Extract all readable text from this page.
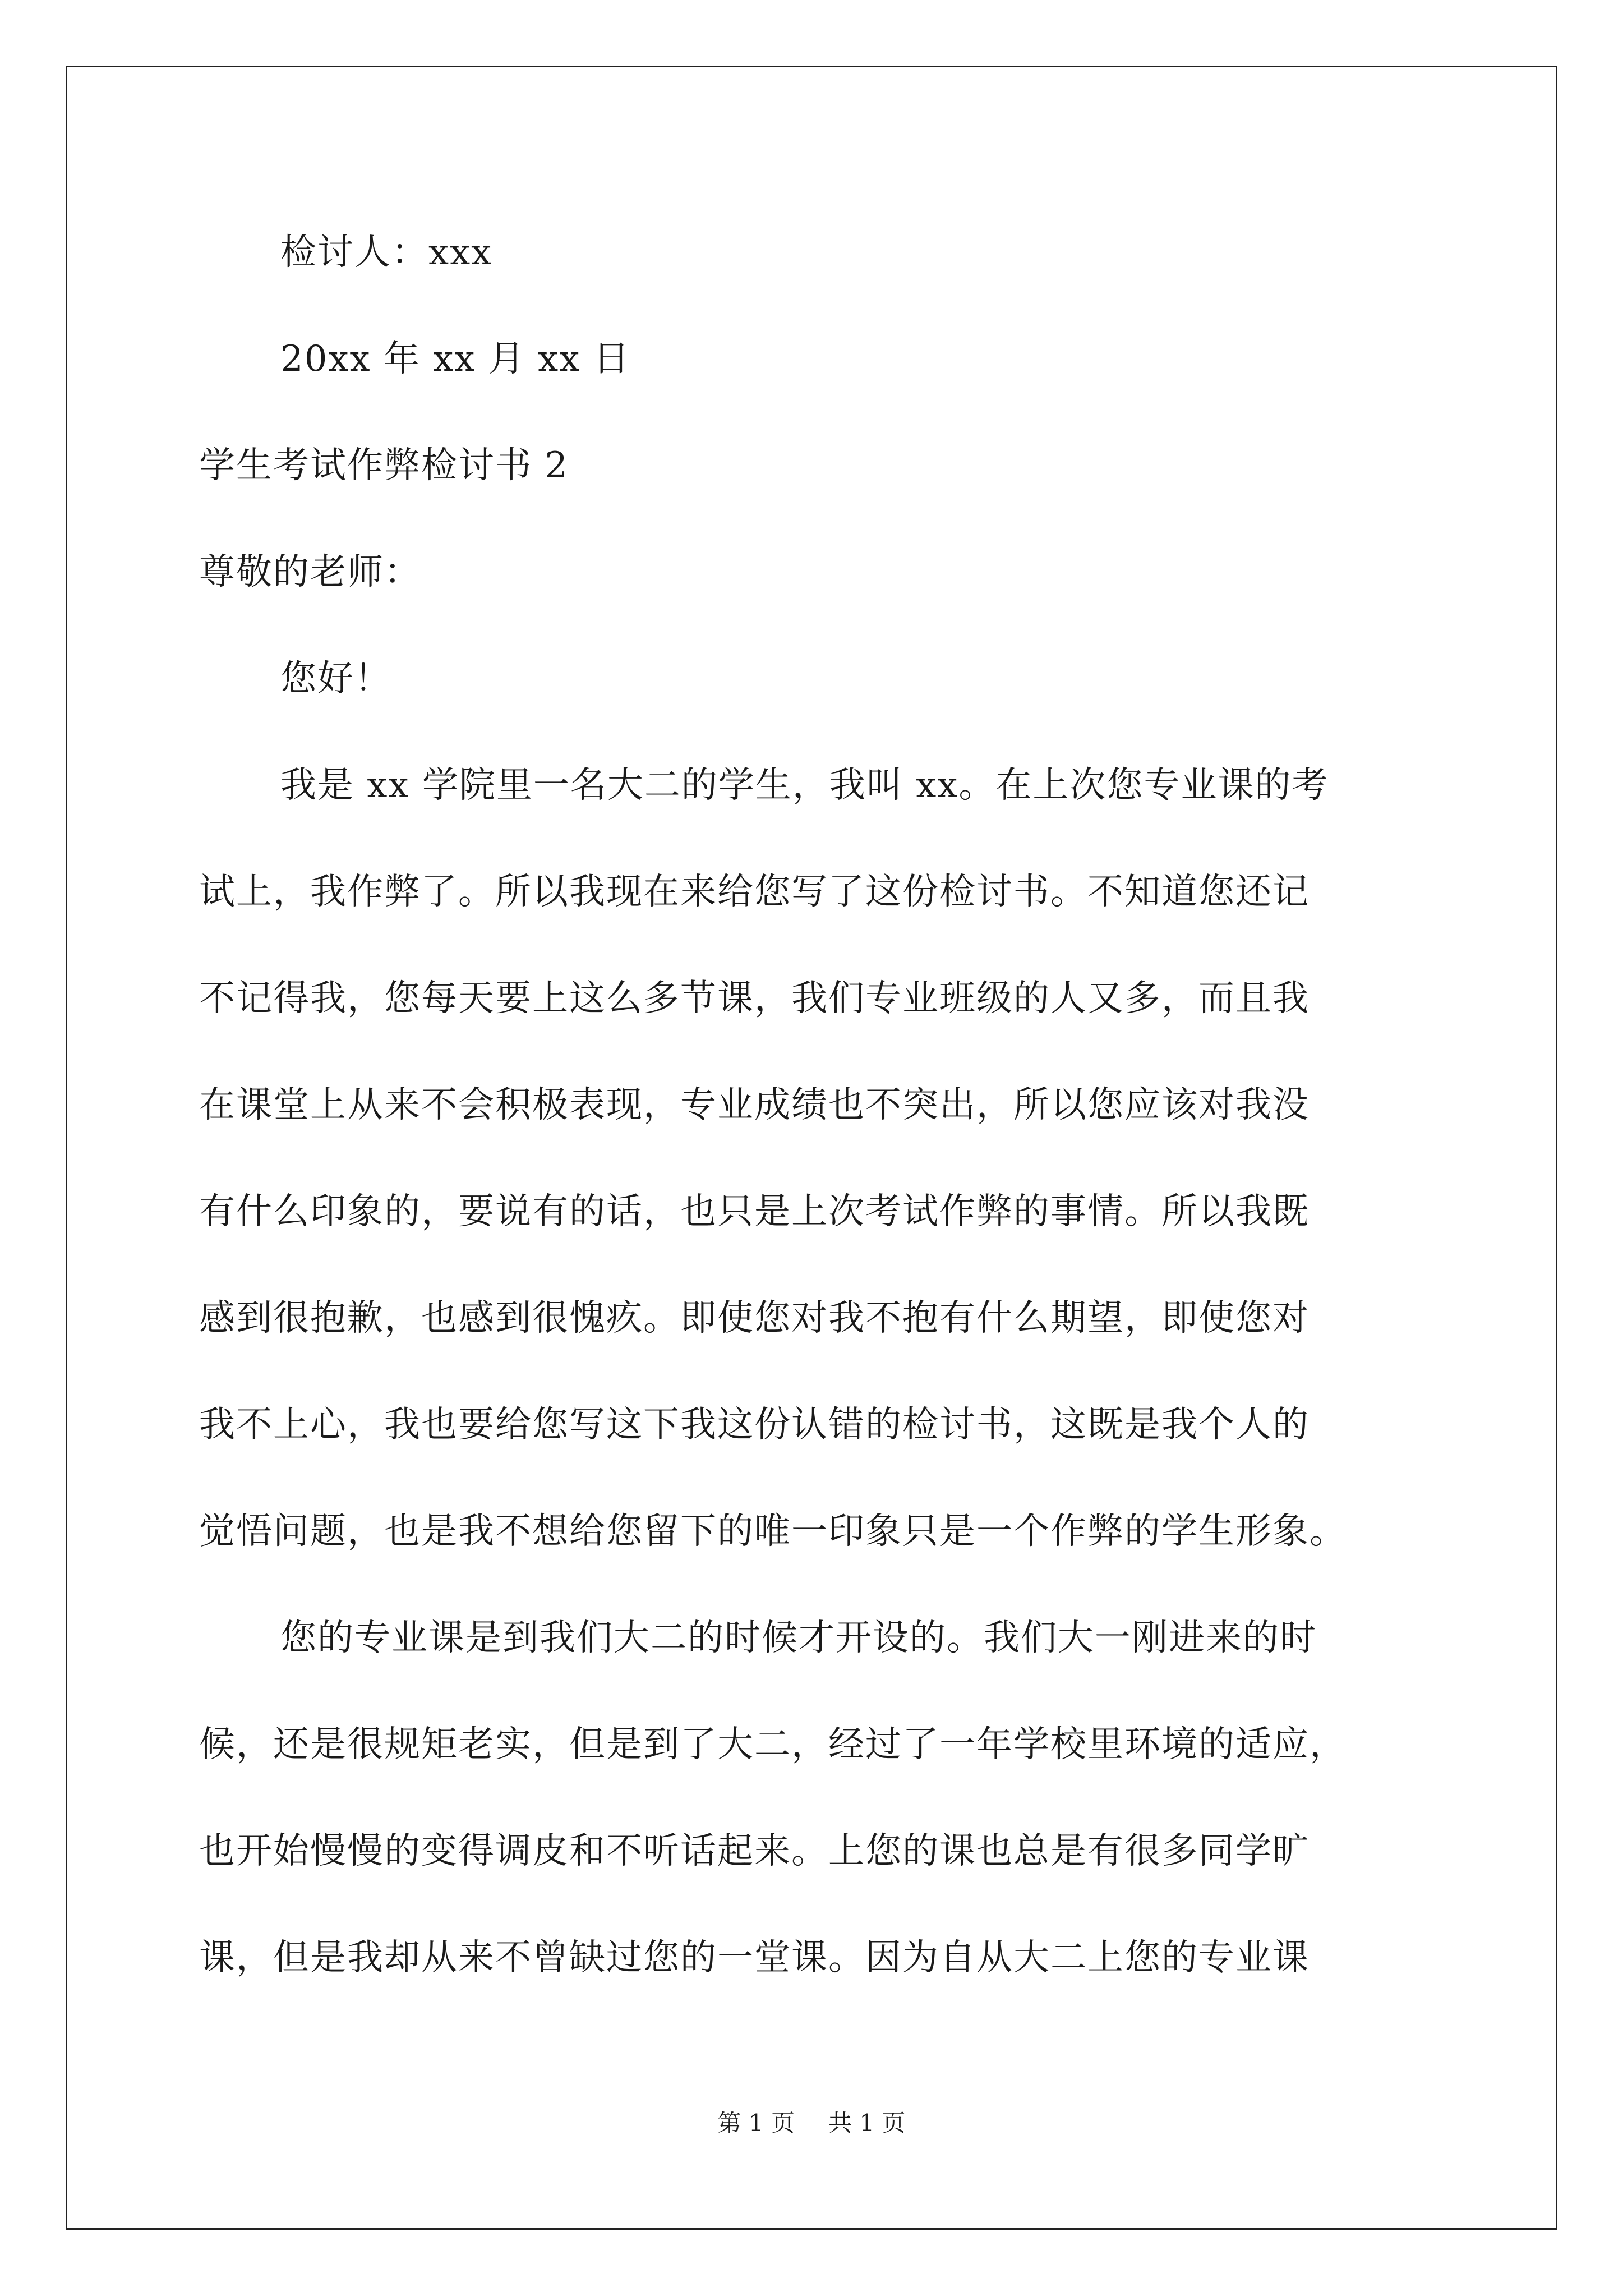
检讨人：xxx
20xx 年 xx 月 xx 日
学生考试作弊检讨书 2
尊敬的老师：
您好！
我是 xx 学院里一名大二的学生，我叫 xx。在上次您专业课的考
试上，我作弊了。所以我现在来给您写了这份检讨书。不知道您还记
不记得我，您每天要上这么多节课，我们专业班级的人又多，而且我
在课堂上从来不会积极表现，专业成绩也不突出，所以您应该对我没
有什么印象的，要说有的话，也只是上次考试作弊的事情。所以我既
感到很抱歉，也感到很愧疚。即使您对我不抱有什么期望，即使您对
我不上心，我也要给您写这下我这份认错的检讨书，这既是我个人的
觉悟问题，也是我不想给您留下的唯一印象只是一个作弊的学生形象。
您的专业课是到我们大二的时候才开设的。我们大一刚进来的时
候，还是很规矩老实，但是到了大二，经过了一年学校里环境的适应，
也开始慢慢的变得调皮和不听话起来。上您的课也总是有很多同学旷
课，但是我却从来不曾缺过您的一堂课。因为自从大二上您的专业课
第 1 页 共 1 页
